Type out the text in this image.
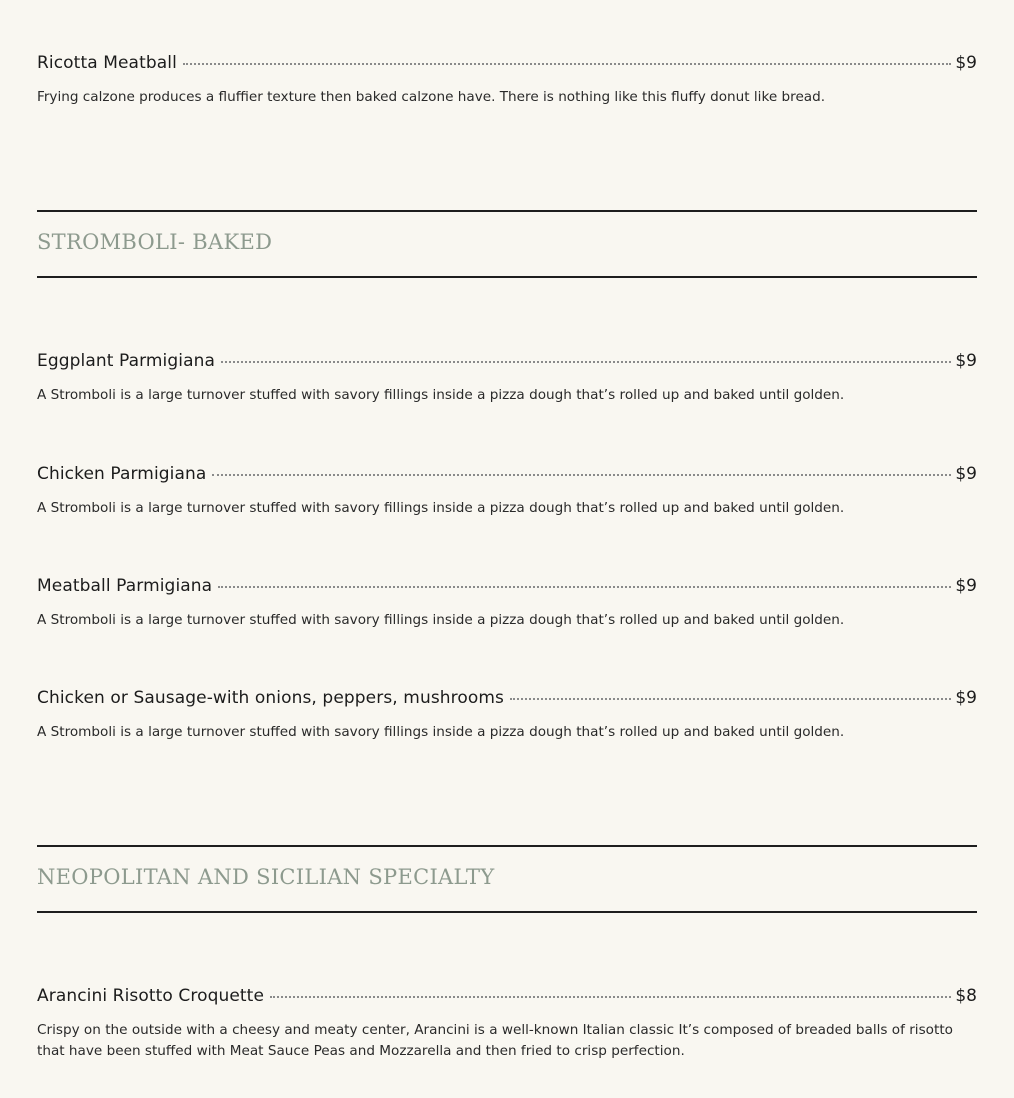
Ricotta Meatball	$9
Frying calzone produces a fluffier texture then baked calzone have. There is nothing like this fluffy donut like bread.
STROMBOLI- BAKED
Eggplant Parmigiana	$9
A Stromboli is a large turnover stuffed with savory fillings inside a pizza dough that’s rolled up and baked until golden.
Chicken Parmigiana	$9
A Stromboli is a large turnover stuffed with savory fillings inside a pizza dough that’s rolled up and baked until golden.
Meatball Parmigiana	$9
A Stromboli is a large turnover stuffed with savory fillings inside a pizza dough that’s rolled up and baked until golden.
Chicken or Sausage-with onions, peppers, mushrooms	$9
A Stromboli is a large turnover stuffed with savory fillings inside a pizza dough that’s rolled up and baked until golden.
NEOPOLITAN AND SICILIAN SPECIALTY
Arancini Risotto Croquette	$8
Crispy on the outside with a cheesy and meaty center, Arancini is a well-known Italian classic It’s composed of breaded balls of risotto that have been stuffed with Meat Sauce Peas and Mozzarella and then fried to crisp perfection.
